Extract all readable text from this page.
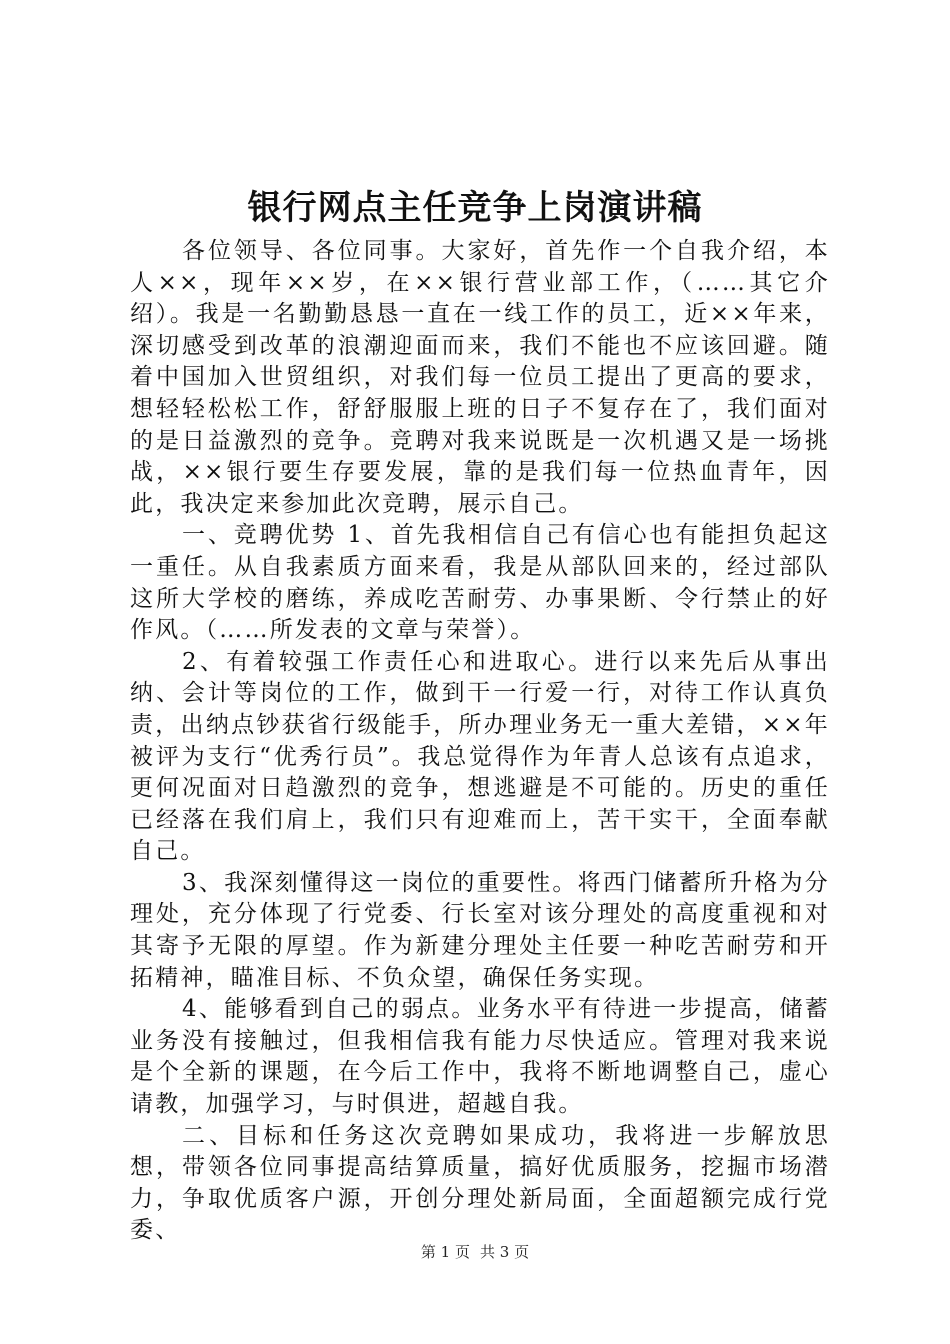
银行网点主任竞争上岗演讲稿

各位领导、各位同事。大家好，首先作一个自我介绍，本人××，现年××岁，在××银行营业部工作，（……其它介绍）。我是一名勤勤恳恳一直在一线工作的员工，近××年来，深切感受到改革的浪潮迎面而来，我们不能也不应该回避。随着中国加入世贸组织，对我们每一位员工提出了更高的要求，想轻轻松松工作，舒舒服服上班的日子不复存在了，我们面对的是日益激烈的竞争。竞聘对我来说既是一次机遇又是一场挑战，××银行要生存要发展，靠的是我们每一位热血青年，因此，我决定来参加此次竞聘，展示自己。

一、竞聘优势 1、首先我相信自己有信心也有能担负起这一重任。从自我素质方面来看，我是从部队回来的，经过部队这所大学校的磨练，养成吃苦耐劳、办事果断、令行禁止的好作风。（……所发表的文章与荣誉）。

2、有着较强工作责任心和进取心。进行以来先后从事出纳、会计等岗位的工作，做到干一行爱一行，对待工作认真负责，出纳点钞获省行级能手，所办理业务无一重大差错，××年被评为支行“优秀行员”。我总觉得作为年青人总该有点追求，更何况面对日趋激烈的竞争，想逃避是不可能的。历史的重任已经落在我们肩上，我们只有迎难而上，苦干实干，全面奉献自己。

3、我深刻懂得这一岗位的重要性。将西门储蓄所升格为分理处，充分体现了行党委、行长室对该分理处的高度重视和对其寄予无限的厚望。作为新建分理处主任要一种吃苦耐劳和开拓精神，瞄准目标、不负众望，确保任务实现。

4、能够看到自己的弱点。业务水平有待进一步提高，储蓄业务没有接触过，但我相信我有能力尽快适应。管理对我来说是个全新的课题，在今后工作中，我将不断地调整自己，虚心请教，加强学习，与时俱进，超越自我。

二、目标和任务这次竞聘如果成功，我将进一步解放思想，带领各位同事提高结算质量，搞好优质服务，挖掘市场潜力，争取优质客户源，开创分理处新局面，全面超额完成行党委、

第 1 页 共 3 页
